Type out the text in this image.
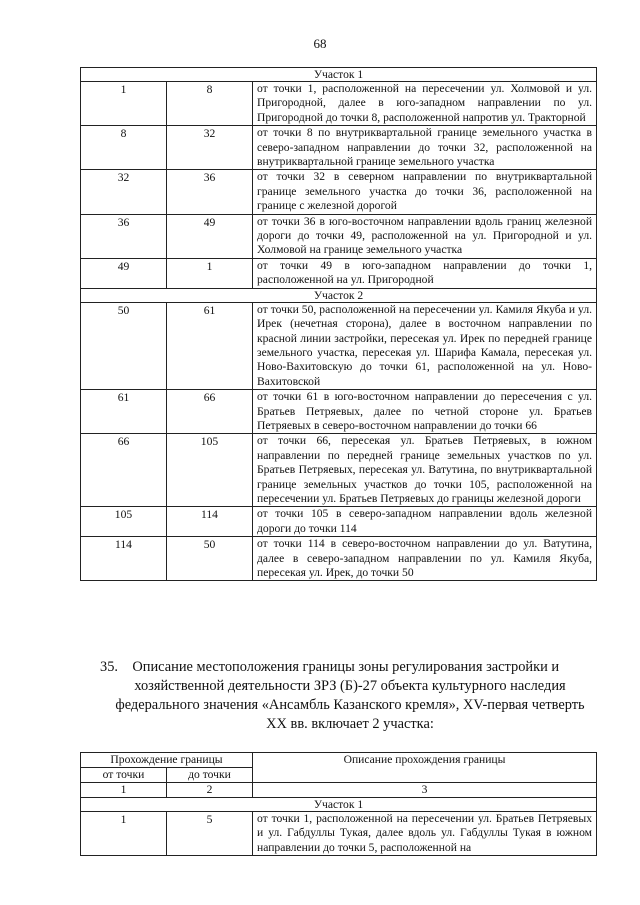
68
Участок 1		
1	8	от точки 1, расположенной на пересечении ул. Холмовой и ул. Пригородной, далее в юго-западном направлении по ул. Пригородной до точки 8, расположенной напротив ул. Тракторной
8	32	от точки 8 по внутриквартальной границе земельного участка в северо-западном направлении до точки 32, расположенной на внутриквартальной границе земельного участка
32	36	от точки 32 в северном направлении по внутриквартальной границе земельного участка до точки 36, расположенной на границе с железной дорогой
36	49	от точки 36 в юго-восточном направлении вдоль границ железной дороги до точки 49, расположенной на ул. Пригородной и ул. Холмовой на границе земельного участка
49	1	от точки 49 в юго-западном направлении до точки 1, расположенной на ул. Пригородной
Участок 2		
50	61	от точки 50, расположенной на пересечении ул. Камиля Якуба и ул. Ирек (нечетная сторона), далее в восточном направлении по красной линии застройки, пересекая ул. Ирек по передней границе земельного участка, пересекая ул. Шарифа Камала, пересекая ул. Ново-Вахитовскую до точки 61, расположенной на ул. Ново-Вахитовской
61	66	от точки 61 в юго-восточном направлении до пересечения с ул. Братьев Петряевых, далее по четной стороне ул. Братьев Петряевых в северо-восточном направлении до точки 66
66	105	от точки 66, пересекая ул. Братьев Петряевых, в южном направлении по передней границе земельных участков по ул. Братьев Петряевых, пересекая ул. Ватутина, по внутриквартальной границе земельных участков до точки 105, расположенной на пересечении ул. Братьев Петряевых до границы железной дороги
105	114	от точки 105 в северо-западном направлении вдоль железной дороги до точки 114
114	50	от точки 114 в северо-восточном направлении до ул. Ватутина, далее в северо-западном направлении по ул. Камиля Якуба, пересекая ул. Ирек, до точки 50
35. Описание местоположения границы зоны регулирования застройки и
хозяйственной деятельности ЗРЗ (Б)-27 объекта культурного наследия
федерального значения «Ансамбль Казанского кремля», XV-первая четверть
XX вв. включает 2 участка:
Прохождение границы		Описание прохождения границы
от точки	до точки	
1	2	3
Участок 1		
1	5	от точки 1, расположенной на пересечении ул. Братьев Петряевых и ул. Габдуллы Тукая, далее вдоль ул. Габдуллы Тукая в южном направлении до точки 5, расположенной на
